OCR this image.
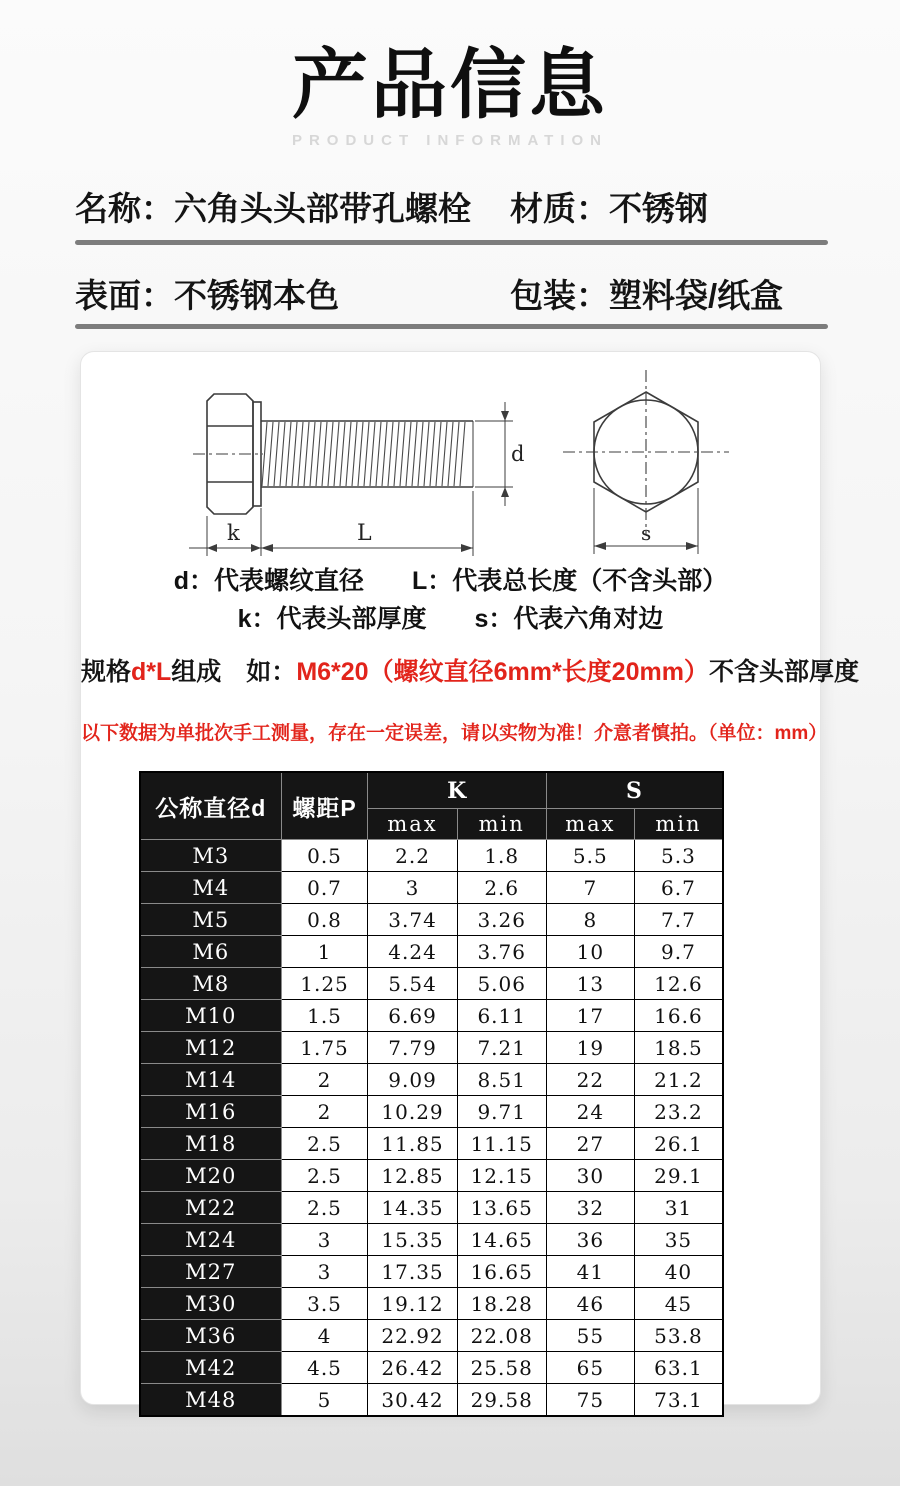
产品信息
PRODUCT INFORMATION
名称：六角头头部带孔螺栓	材质：不锈钢
表面：不锈钢本色	包装：塑料袋/纸盒
d
k	L	s
d：代表螺纹直径 L：代表总长度（不含头部）
k：代表头部厚度 s：代表六角对边

规格d*L组成　如：M6*20（螺纹直径6mm*长度20mm）不含头部厚度

以下数据为单批次手工测量，存在一定误差，请以实物为准！介意者慎拍。（单位：mm）

公称直径d	螺距P	K		S	
		max	min	max	min
M3	0.5	2.2	1.8	5.5	5.3
M4	0.7	3	2.6	7	6.7
M5	0.8	3.74	3.26	8	7.7
M6	1	4.24	3.76	10	9.7
M8	1.25	5.54	5.06	13	12.6
M10	1.5	6.69	6.11	17	16.6
M12	1.75	7.79	7.21	19	18.5
M14	2	9.09	8.51	22	21.2
M16	2	10.29	9.71	24	23.2
M18	2.5	11.85	11.15	27	26.1
M20	2.5	12.85	12.15	30	29.1
M22	2.5	14.35	13.65	32	31
M24	3	15.35	14.65	36	35
M27	3	17.35	16.65	41	40
M30	3.5	19.12	18.28	46	45
M36	4	22.92	22.08	55	53.8
M42	4.5	26.42	25.58	65	63.1
M48	5	30.42	29.58	75	73.1
